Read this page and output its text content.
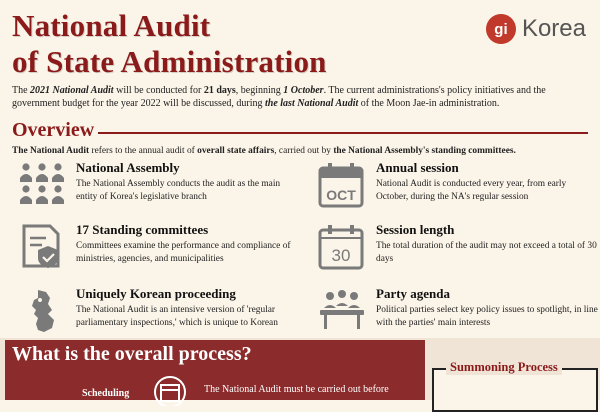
National Audit
of State Administration
gi Korea
The 2021 National Audit will be conducted for 21 days, beginning 1 October. The current administrations's policy initiatives and the government budget for the year 2022 will be discussed, during the last National Audit of the Moon Jae-in administration.
Overview
The National Audit refers to the annual audit of overall state affairs, carried out by the National Assembly's standing committees.
National Assembly
The National Assembly conducts the audit as the main entity of Korea's legislative branch	OCT
Annual session
National Audit is conducted every year, from early October, during the NA's regular session
17 Standing committees
Committees examine the performance and compliance of ministries, agencies, and municipalities	30
Session length
The total duration of the audit may not exceed a total of 30 days
Uniquely Korean proceeding
The National Audit is an intensive version of 'regular parliamentary inspections,' which is unique to Korean
Party agenda
Political parties select key policy issues to spotlight, in line with the parties' main interests
What is the overall process?
Scheduling	The National Audit must be carried out before
Summoning Process
